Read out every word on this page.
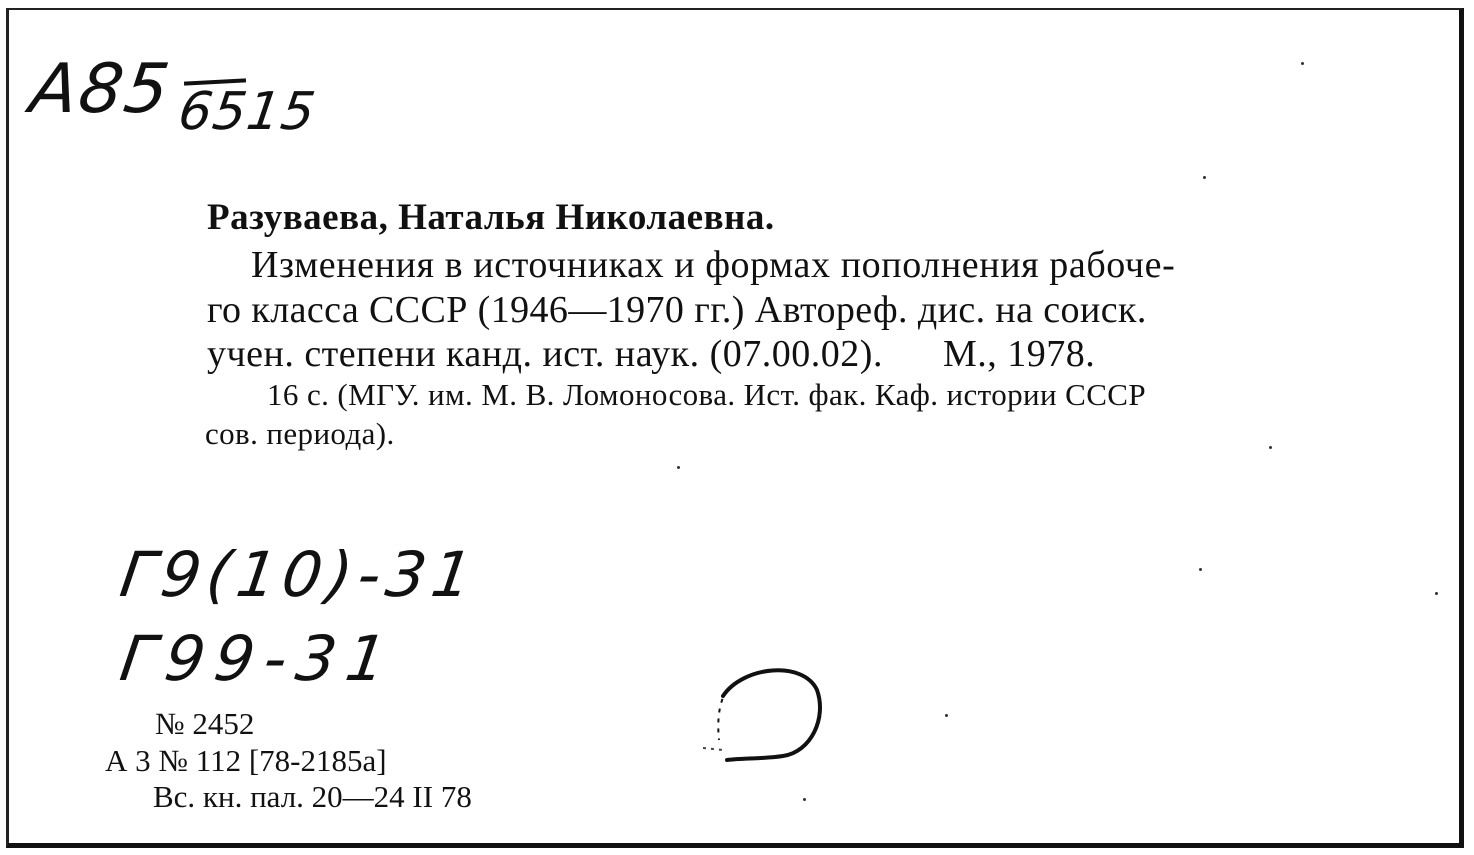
А85 6515
Разуваева, Наталья Николаевна.
Изменения в источниках и формах пополнения рабоче-
го класса СССР (1946—1970 гг.) Автореф. дис. на соиск.
учен. степени канд. ист. наук. (07.00.02). М., 1978.
16 с. (МГУ. им. М. В. Ломоносова. Ист. фак. Каф. истории СССР
сов. периода).
Г9(10)-31
Г99-31
№ 2452
А 3 № 112 [78-2185а]
Вс. кн. пал. 20—24 II 78
